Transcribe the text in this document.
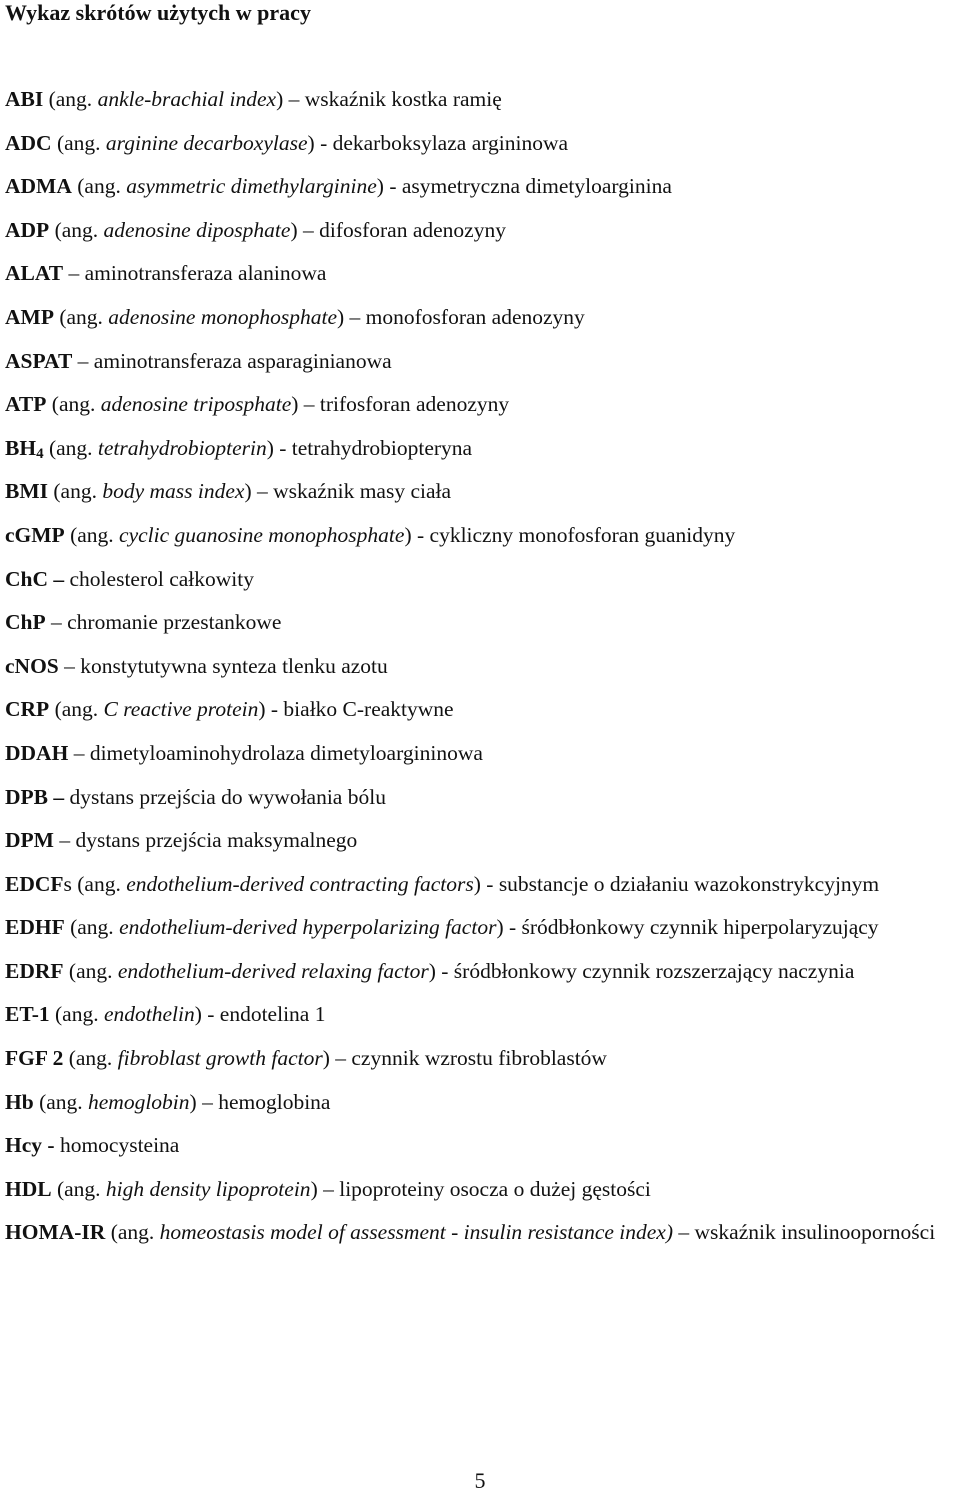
Wykaz skrótów użytych w pracy
ABI (ang. ankle-brachial index) – wskaźnik kostka ramię
ADC (ang. arginine decarboxylase) - dekarboksylaza argininowa
ADMA (ang. asymmetric dimethylarginine) - asymetryczna dimetyloarginina
ADP (ang. adenosine diposphate) – difosforan adenozyny
ALAT – aminotransferaza alaninowa
AMP (ang. adenosine monophosphate) – monofosforan adenozyny
ASPAT – aminotransferaza asparaginianowa
ATP (ang. adenosine triposphate) – trifosforan adenozyny
$BH_4$ (ang. tetrahydrobiopterin) - tetrahydrobiopteryna
BMI (ang. body mass index) – wskaźnik masy ciała
cGMP (ang. cyclic guanosine monophosphate) - cykliczny monofosforan guanidyny
ChC – cholesterol całkowity
ChP – chromanie przestankowe
cNOS – konstytutywna synteza tlenku azotu
CRP (ang. C reactive protein) - białko C-reaktywne
DDAH – dimetyloaminohydrolaza dimetyloargininowa
DPB – dystans przejścia do wywołania bólu
DPM – dystans przejścia maksymalnego
EDCFs (ang. endothelium-derived contracting factors) - substancje o działaniu wazokonstrykcyjnym
EDHF (ang. endothelium-derived hyperpolarizing factor) - śródbłonkowy czynnik hiperpolaryzujący
EDRF (ang. endothelium-derived relaxing factor) - śródbłonkowy czynnik rozszerzający naczynia
ET-1 (ang. endothelin) - endotelina 1
FGF 2 (ang. fibroblast growth factor) – czynnik wzrostu fibroblastów
Hb (ang. hemoglobin) – hemoglobina
Hcy - homocysteina
HDL (ang. high density lipoprotein) – lipoproteiny osocza o dużej gęstości
HOMA-IR (ang. homeostasis model of assessment - insulin resistance index) – wskaźnik insulinooporności
5
